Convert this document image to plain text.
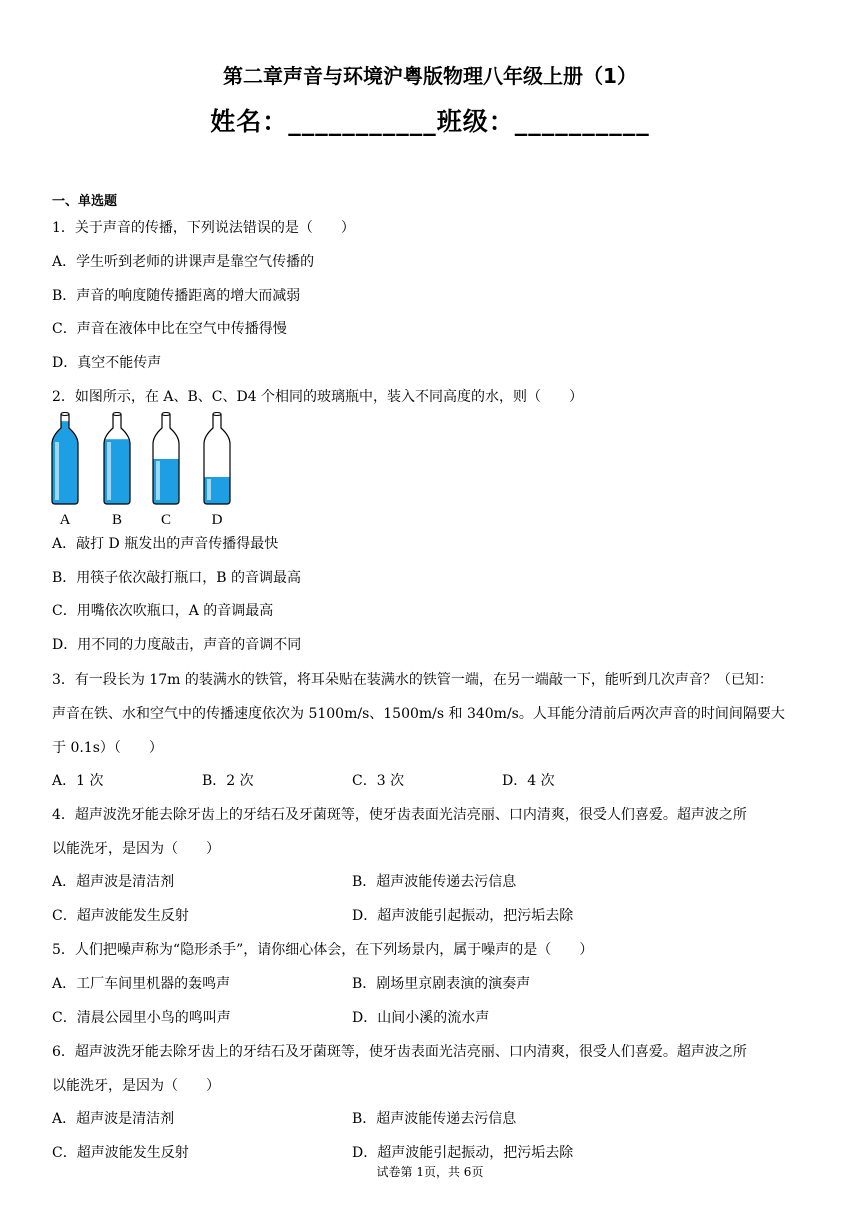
第二章声音与环境沪粤版物理八年级上册（1）
姓名：___________班级：__________
一、单选题
1．关于声音的传播，下列说法错误的是（　　）
A．学生听到老师的讲课声是靠空气传播的
B．声音的响度随传播距离的增大而减弱
C．声音在液体中比在空气中传播得慢
D．真空不能传声
2．如图所示，在 A、B、C、D4 个相同的玻璃瓶中，装入不同高度的水，则（　　）
A	B	C	D
A．敲打 D 瓶发出的声音传播得最快
B．用筷子依次敲打瓶口，B 的音调最高
C．用嘴依次吹瓶口，A 的音调最高
D．用不同的力度敲击，声音的音调不同
3．有一段长为 17m 的装满水的铁管，将耳朵贴在装满水的铁管一端，在另一端敲一下，能听到几次声音？（已知：
声音在铁、水和空气中的传播速度依次为 5100m/s、1500m/s 和 340m/s。人耳能分清前后两次声音的时间间隔要大
于 0.1s）（　　）
A．1 次	B．2 次	C．3 次	D．4 次
4．超声波洗牙能去除牙齿上的牙结石及牙菌斑等，使牙齿表面光洁亮丽、口内清爽，很受人们喜爱。超声波之所
以能洗牙，是因为（　　）
A．超声波是清洁剂	B．超声波能传递去污信息
C．超声波能发生反射	D．超声波能引起振动，把污垢去除
5．人们把噪声称为“隐形杀手”，请你细心体会，在下列场景内，属于噪声的是（　　）
A．工厂车间里机器的轰鸣声	B．剧场里京剧表演的演奏声
C．清晨公园里小鸟的鸣叫声	D．山间小溪的流水声
6．超声波洗牙能去除牙齿上的牙结石及牙菌斑等，使牙齿表面光洁亮丽、口内清爽，很受人们喜爱。超声波之所
以能洗牙，是因为（　　）
A．超声波是清洁剂	B．超声波能传递去污信息
C．超声波能发生反射	D．超声波能引起振动，把污垢去除
试卷第 1页，共 6页
